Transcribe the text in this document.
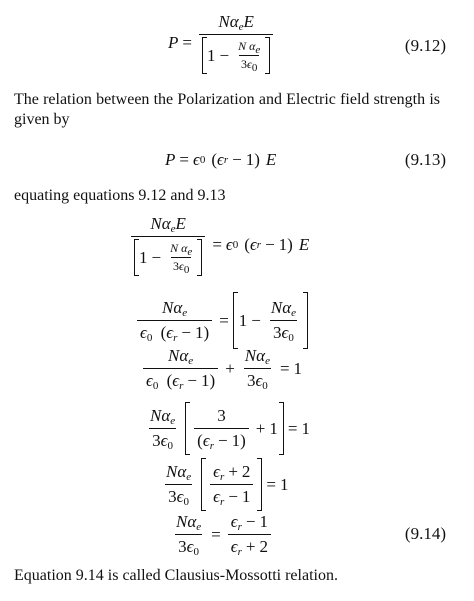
$P = \frac{N\alpha_eE}{1 - \frac{N \alpha_e}{3\epsilon_0}}$	(9.12)
The relation between the Polarization and Electric field strength is given by
P = ϵ 0 ( ϵ r − 1 ) E	(9.13)
equating equations 9.12 and 9.13
$\frac{N\alpha_eE}{1 - \frac{N \alpha_e}{3\epsilon_0}} = \epsilon$ 0 ( ϵ r − 1 ) E
$\frac{N\alpha_e}{\epsilon_0 (\epsilon_r - 1)} = 1 - \frac{N\alpha_e}{3\epsilon_0}$
$\frac{N\alpha_e}{\epsilon_0 (\epsilon_r - 1)} + \frac{N\alpha_e}{3\epsilon_0} = 1$
$\frac{N\alpha_e}{3\epsilon_0} \frac{3}{(\epsilon_r - 1)} + 1 = 1$
$\frac{N\alpha_e}{3\epsilon_0} \frac{\epsilon_r + 2}{\epsilon_r - 1} = 1$
$\frac{N\alpha_e}{3\epsilon_0} = \frac{\epsilon_r - 1}{\epsilon_r + 2}$	(9.14)
Equation 9.14 is called Clausius-Mossotti relation.
